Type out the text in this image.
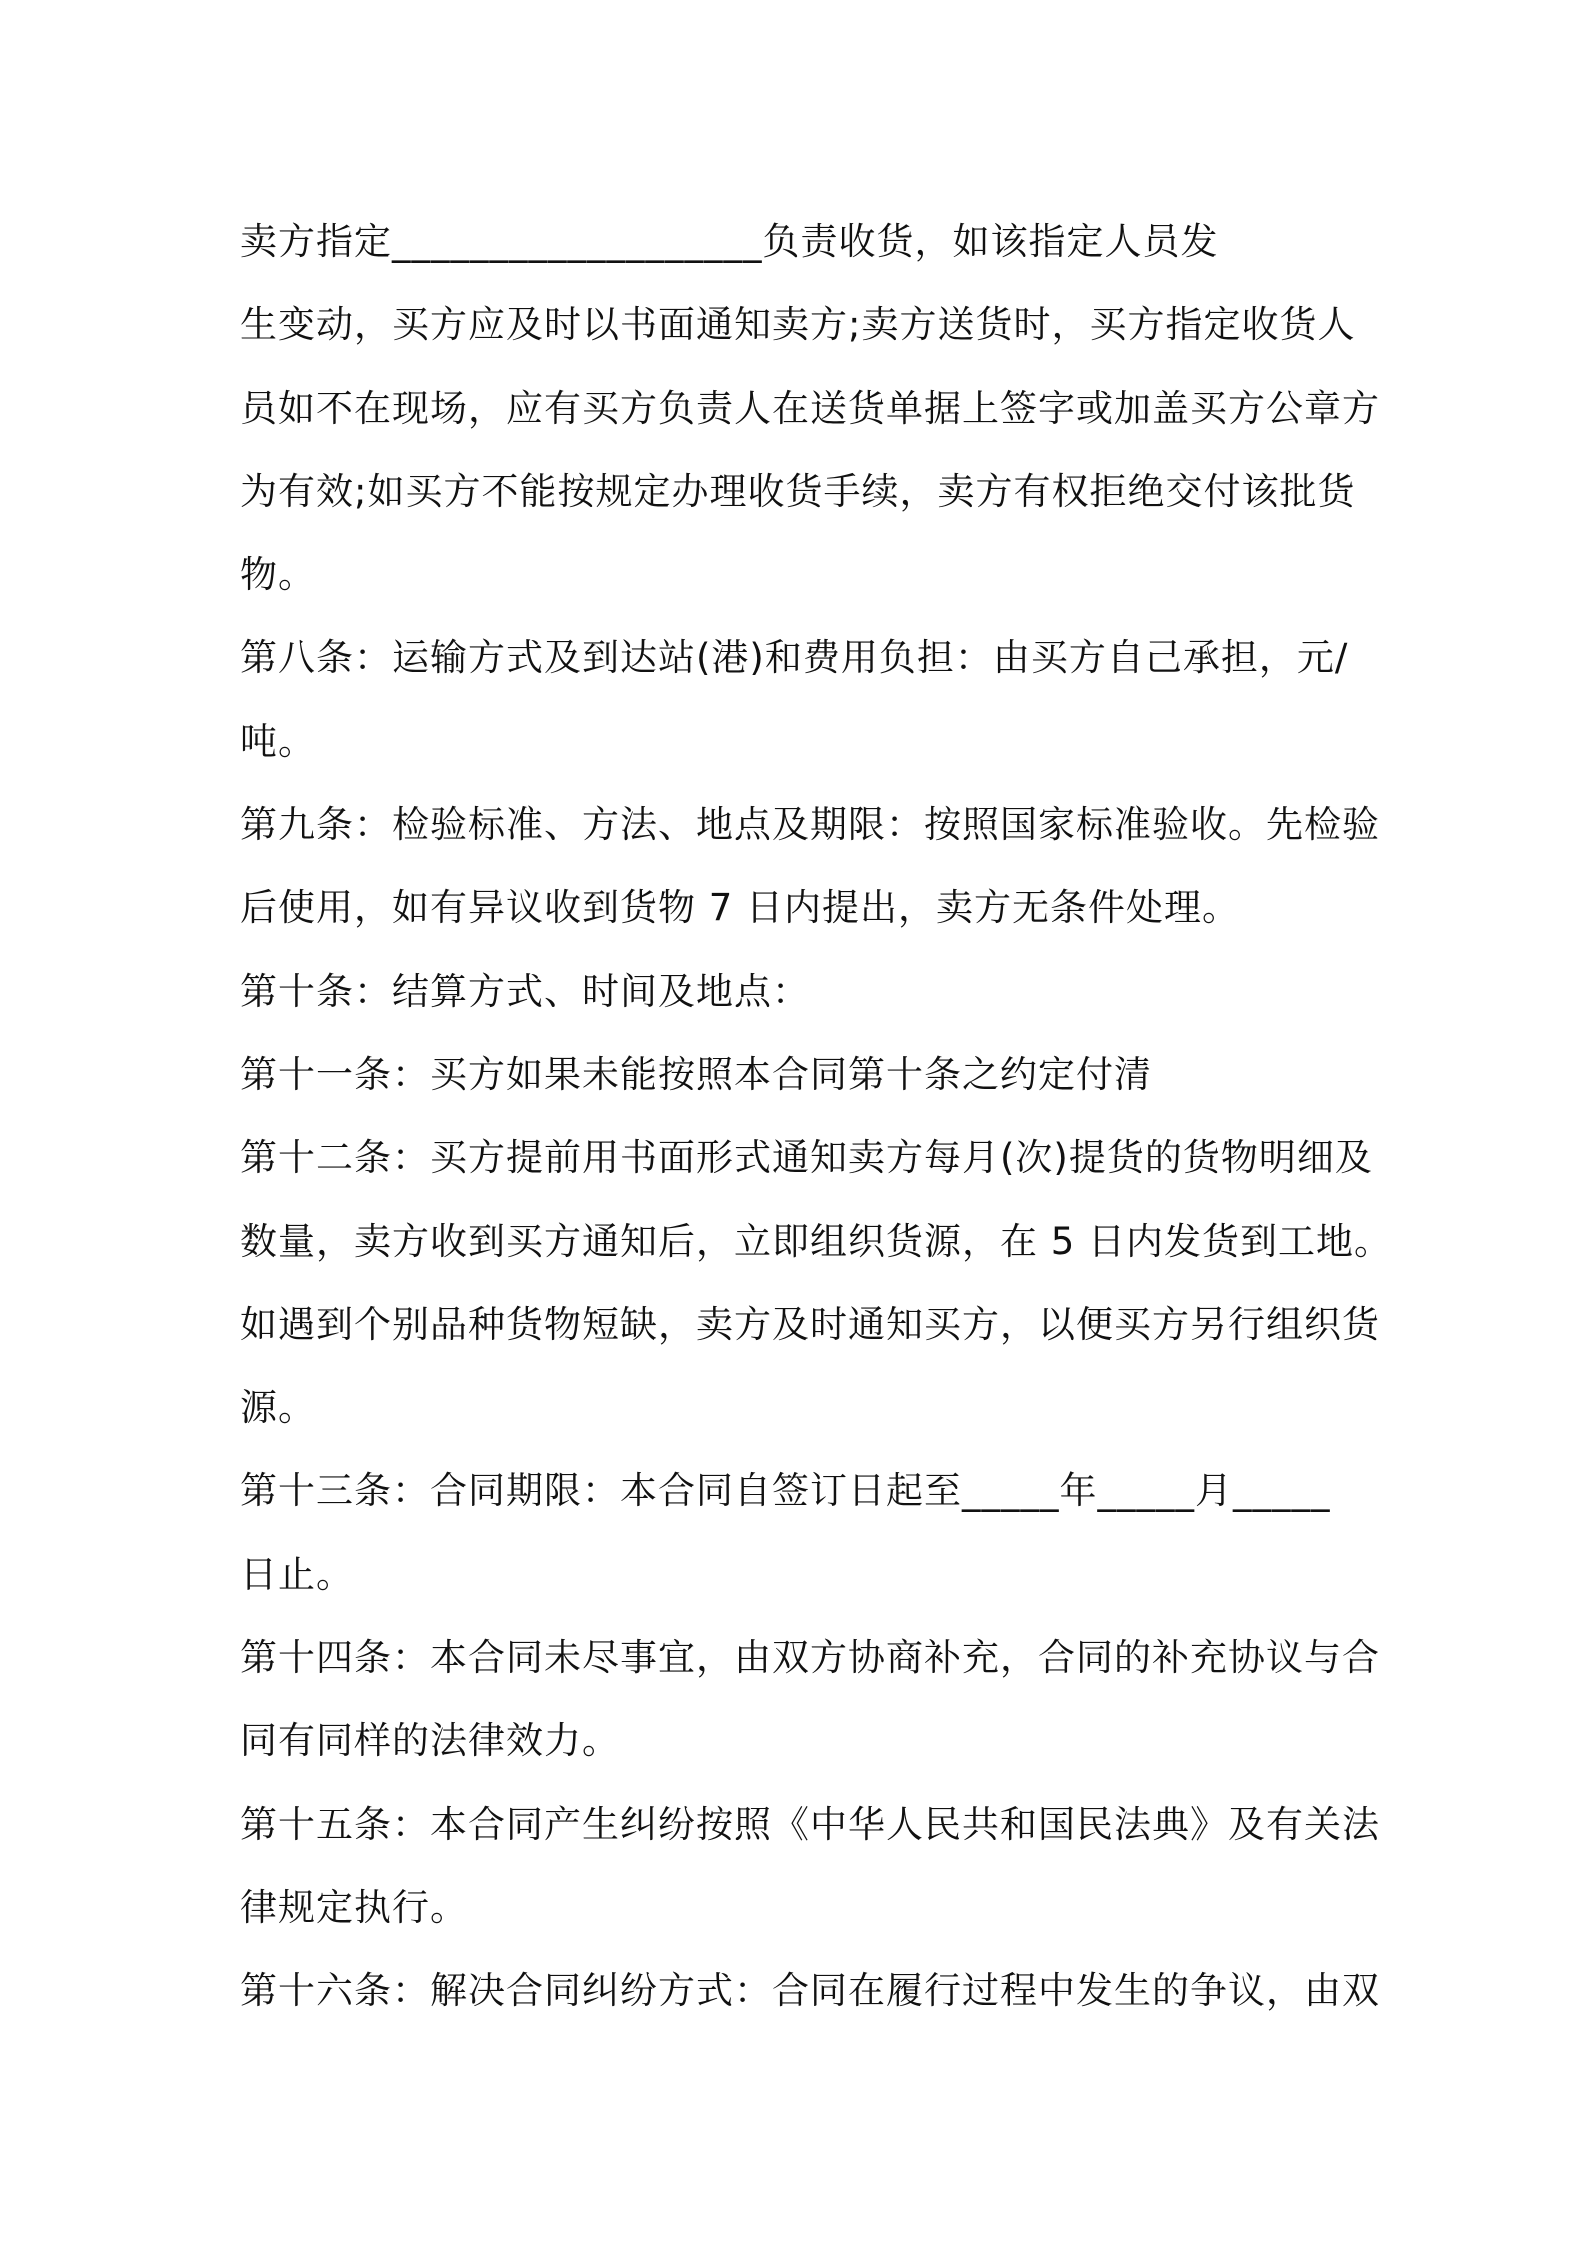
卖方指定___________________负责收货，如该指定人员发
生变动，买方应及时以书面通知卖方;卖方送货时，买方指定收货人
员如不在现场，应有买方负责人在送货单据上签字或加盖买方公章方
为有效;如买方不能按规定办理收货手续，卖方有权拒绝交付该批货
物。
第八条：运输方式及到达站(港)和费用负担：由买方自己承担，元/
吨。
第九条：检验标准、方法、地点及期限：按照国家标准验收。先检验
后使用，如有异议收到货物 7 日内提出，卖方无条件处理。
第十条：结算方式、时间及地点：
第十一条：买方如果未能按照本合同第十条之约定付清
第十二条：买方提前用书面形式通知卖方每月(次)提货的货物明细及
数量，卖方收到买方通知后，立即组织货源，在 5 日内发货到工地。
如遇到个别品种货物短缺，卖方及时通知买方，以便买方另行组织货
源。
第十三条：合同期限：本合同自签订日起至_____年_____月_____
日止。
第十四条：本合同未尽事宜，由双方协商补充，合同的补充协议与合
同有同样的法律效力。
第十五条：本合同产生纠纷按照《中华人民共和国民法典》及有关法
律规定执行。
第十六条：解决合同纠纷方式：合同在履行过程中发生的争议，由双
